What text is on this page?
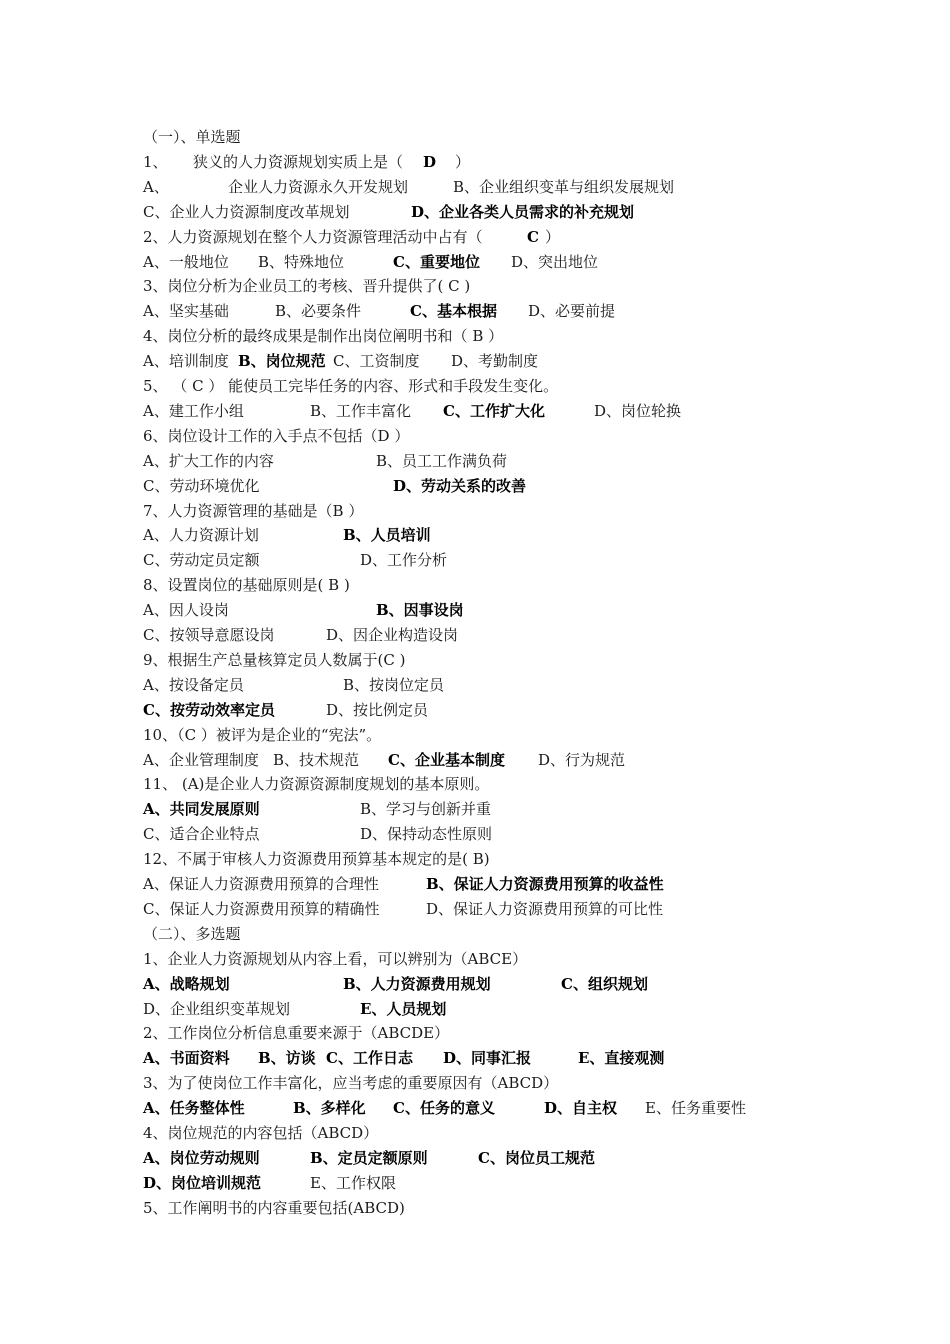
（一）、单选题
1、 狭义的人力资源规划实质上是（ D ）
A、	企业人力资源永久开发规划	B、企业组织变革与组织发展规划
C、企业人力资源制度改革规划	D、企业各类人员需求的补充规划
2、人力资源规划在整个人力资源管理活动中占有（	C ）
A、一般地位 B、特殊地位	C、重要地位 D、突出地位
3、岗位分析为企业员工的考核、晋升提供了( C )
A、坚实基础	B、必要条件	C、基本根据 D、必要前提
4、岗位分析的最终成果是制作出岗位阐明书和（ B ）
A、培训制度 B、岗位规范 C、工资制度 D、考勤制度
5、 （ C ） 能使员工完毕任务的内容、形式和手段发生变化。
A、建工作小组	B、工作丰富化 C、工作扩大化	D、岗位轮换
6、岗位设计工作的入手点不包括（D ）
A、扩大工作的内容	B、员工工作满负荷
C、劳动环境优化	D、劳动关系的改善
7、人力资源管理的基础是（B ）
A、人力资源计划	B、人员培训
C、劳动定员定额	D、工作分析
8、设置岗位的基础原则是( B )
A、因人设岗	B、因事设岗
C、按领导意愿设岗	D、因企业构造设岗
9、根据生产总量核算定员人数属于(C )
A、按设备定员	B、按岗位定员
C、按劳动效率定员	D、按比例定员
10、（C ）被评为是企业的“宪法”。
A、企业管理制度 B、技术规范 C、企业基本制度 D、行为规范
11、 (A)是企业人力资源资源制度规划的基本原则。
A、共同发展原则	B、学习与创新并重
C、适合企业特点	D、保持动态性原则
12、不属于审核人力资源费用预算基本规定的是( B)
A、保证人力资源费用预算的合理性	B、保证人力资源费用预算的收益性
C、保证人力资源费用预算的精确性	D、保证人力资源费用预算的可比性
（二）、多选题
1、企业人力资源规划从内容上看，可以辨别为（ABCE）
A、战略规划	B、人力资源费用规划	C、组织规划
D、企业组织变革规划	E、人员规划
2、工作岗位分析信息重要来源于（ABCDE）
A、书面资料 B、访谈 C、工作日志 D、同事汇报	E、直接观测
3、为了使岗位工作丰富化，应当考虑的重要原因有（ABCD）
A、任务整体性	B、多样化 C、任务的意义	D、自主权 E、任务重要性
4、岗位规范的内容包括（ABCD）
A、岗位劳动规则	B、定员定额原则	C、岗位员工规范
D、岗位培训规范	E、工作权限
5、工作阐明书的内容重要包括(ABCD)
